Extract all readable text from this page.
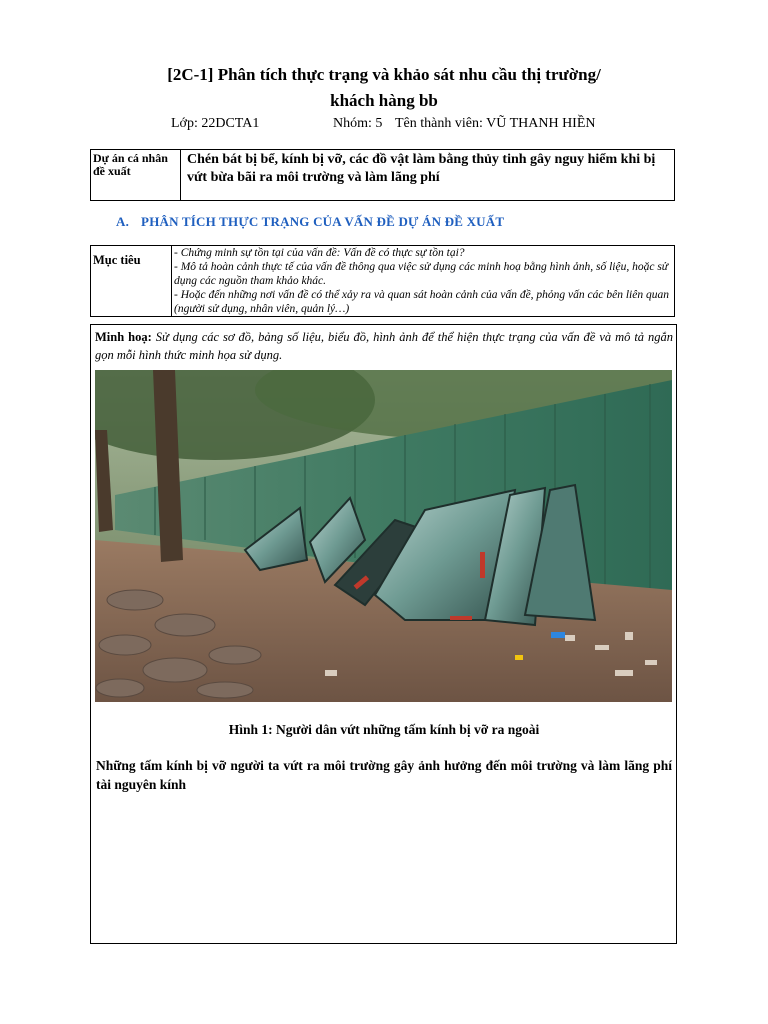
[2C-1] Phân tích thực trạng và khảo sát nhu cầu thị trường/
khách hàng bb
Lớp: 22DCTA1	Nhóm: 5 Tên thành viên: VŨ THANH HIỀN
Dự án cá nhân đề xuất
Chén bát bị bể, kính bị vỡ, các đồ vật làm bằng thủy tinh gây nguy hiểm khi bị vứt bừa bãi ra môi trường và làm lãng phí
A. PHÂN TÍCH THỰC TRẠNG CỦA VẤN ĐỀ DỰ ÁN ĐỀ XUẤT
Mục tiêu	- Chứng minh sự tồn tại của vấn đề: Vấn đề có thực sự tồn tại?
- Mô tả hoàn cảnh thực tế của vấn đề thông qua việc sử dụng các minh hoạ bằng hình ảnh, số liệu, hoặc sử dụng các nguồn tham khảo khác.
- Hoặc đến những nơi vấn đề có thể xảy ra và quan sát hoàn cảnh của vấn đề, phỏng vấn các bên liên quan (người sử dụng, nhân viên, quản lý…)
Minh hoạ: Sử dụng các sơ đồ, bảng số liệu, biểu đồ, hình ảnh để thể hiện thực trạng của vấn đề và mô tả ngắn gọn mỗi hình thức minh họa sử dụng.
Hình 1: Người dân vứt những tấm kính bị vỡ ra ngoài
Những tấm kính bị vỡ người ta vứt ra môi trường gây ảnh hưởng đến môi trường và làm lãng phí tài nguyên kính
